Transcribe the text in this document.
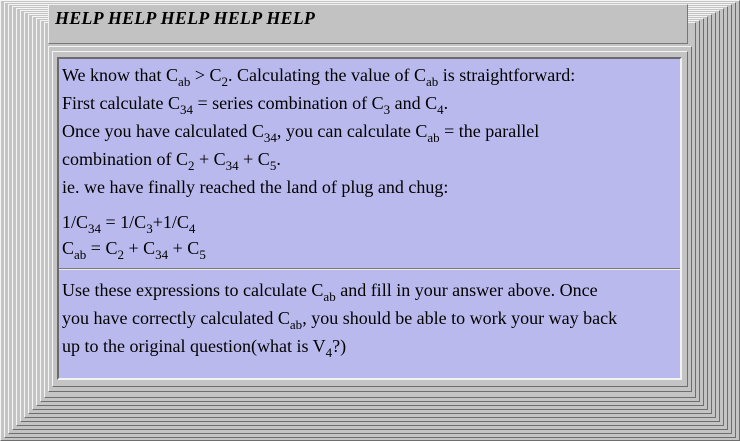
HELP HELP HELP HELP HELP

We know that $C_{ab} > C_2$. Calculating the value of $C_{ab}$ is straightforward:

First calculate $C_{34}$ = series combination of $C_3$ and $C_4$.

Once you have calculated $C_{34}$, you can calculate $C_{ab}$ = the parallel

combination of $C_2 + C_{34} + C_5$.

ie. we have finally reached the land of plug and chug:

$1/C_{34} = 1/C_3+1/C_4$

$C_{ab} = C_2 + C_{34} + C_5$

Use these expressions to calculate $C_{ab}$ and fill in your answer above. Once

you have correctly calculated $C_{ab}$, you should be able to work your way back

up to the original question(what is $V_4$?)
